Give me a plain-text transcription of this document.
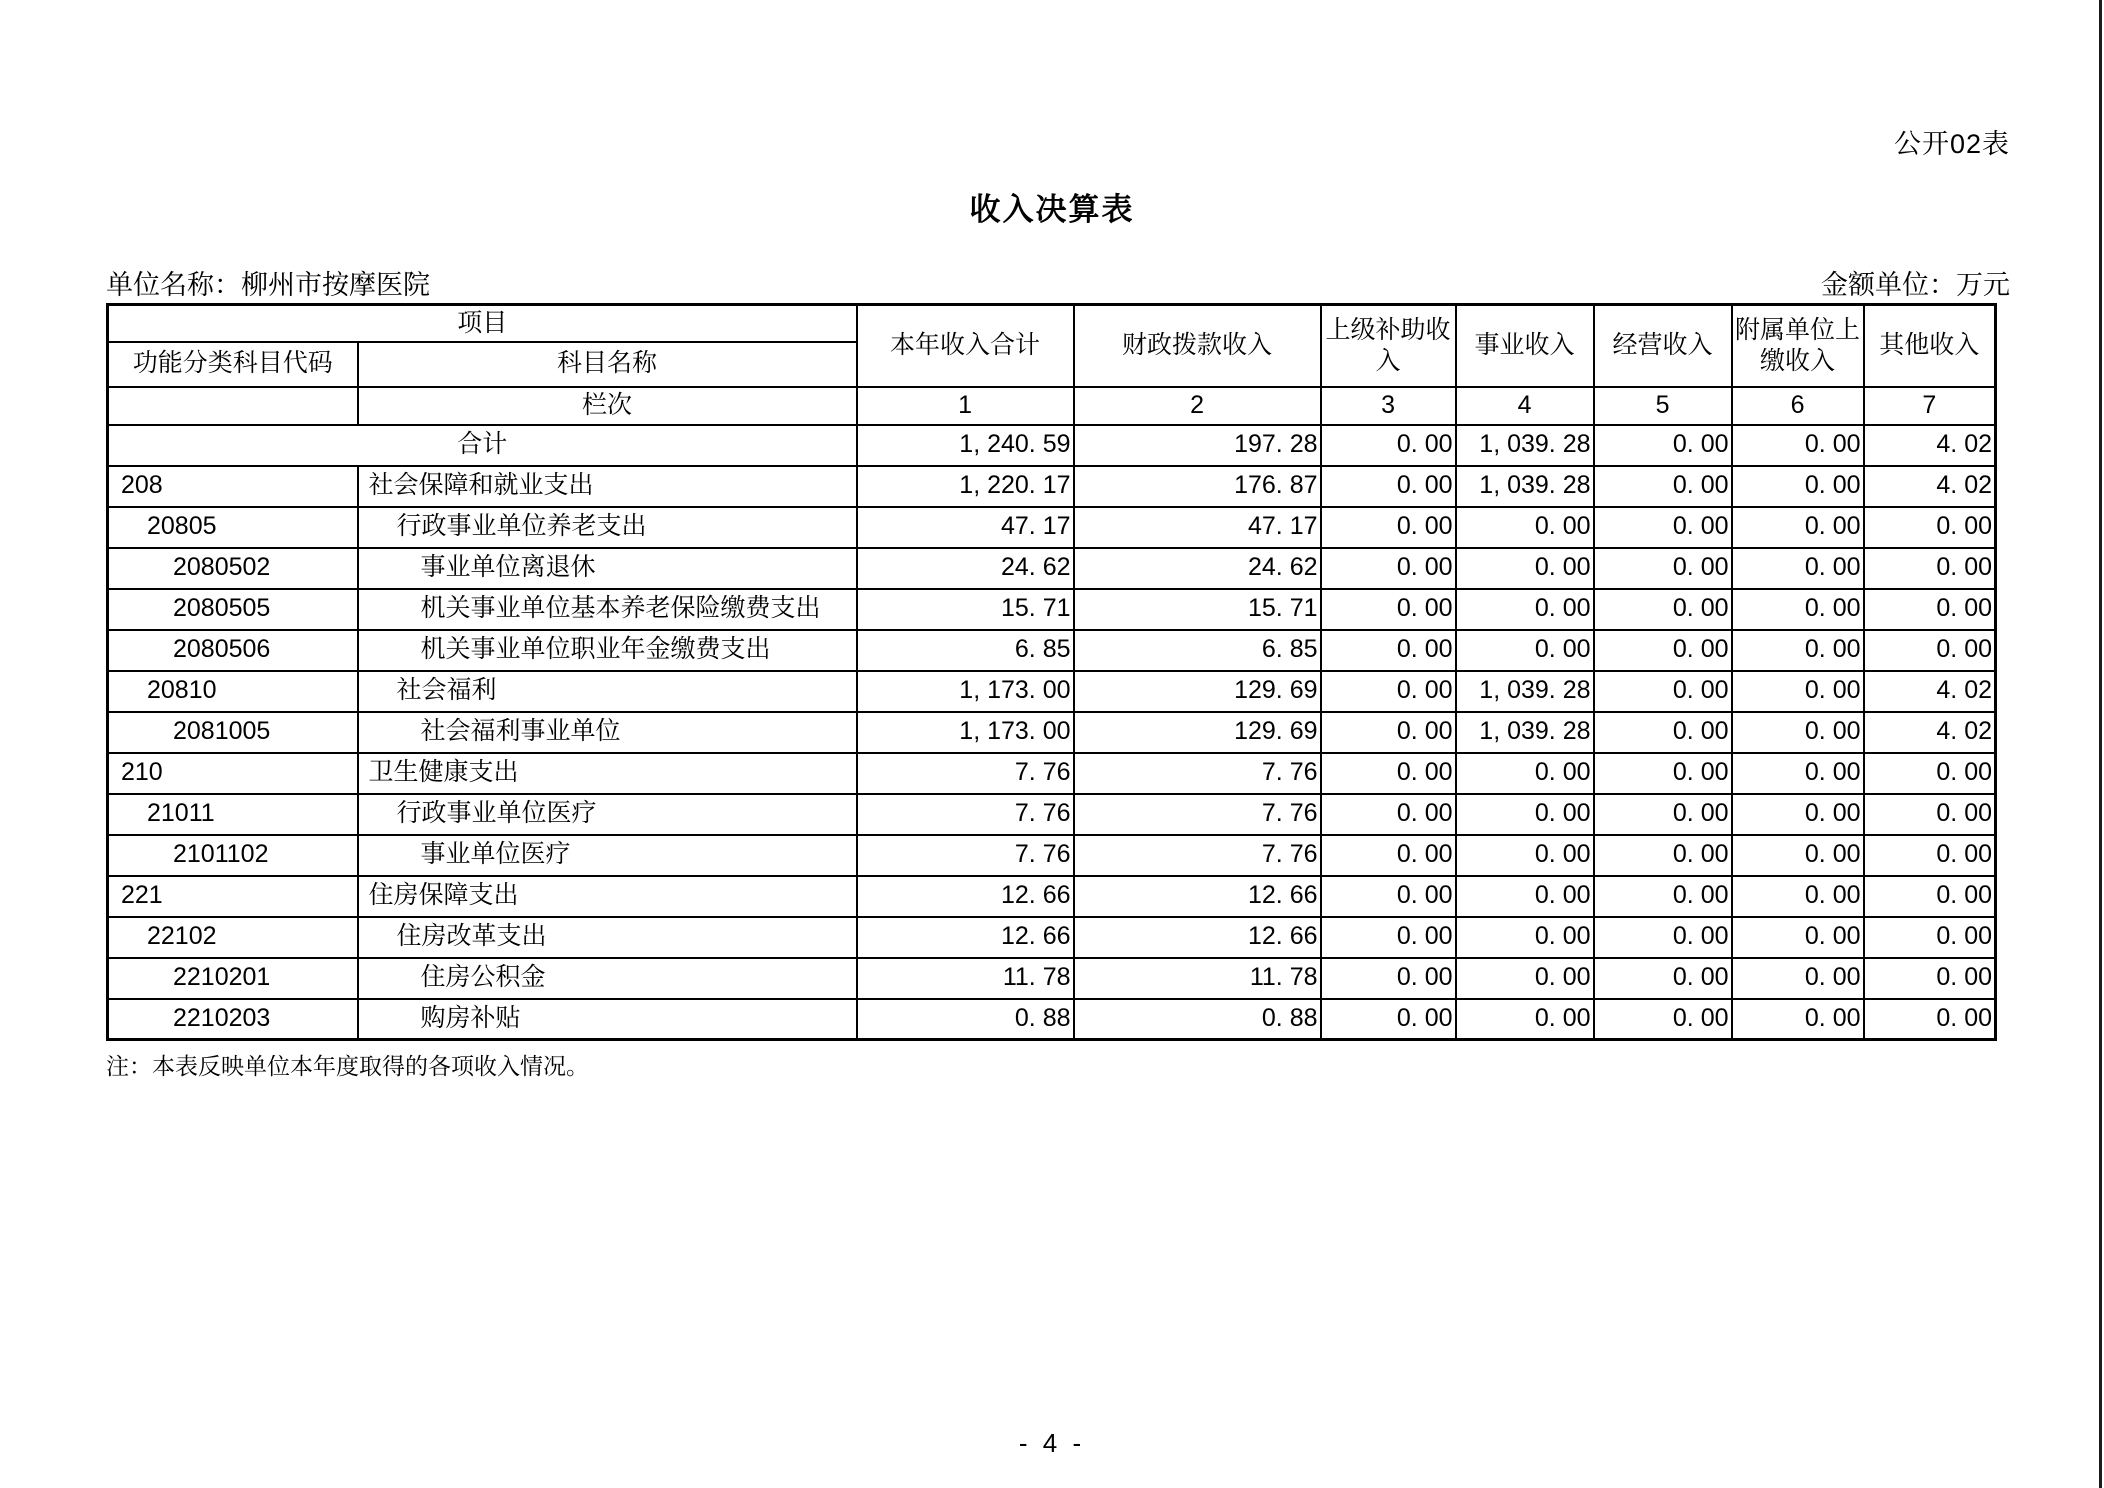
公开02表
收入决算表
单位名称：柳州市按摩医院	金额单位：万元
项目		本年收入合计	财政拨款收入	上级补助收入	事业收入	经营收入	附属单位上缴收入	其他收入
功能分类科目代码	科目名称							
	栏次	1	2	3	4	5	6	7
合计		1, 240. 59	197. 28	0. 00	1, 039. 28	0. 00	0. 00	4. 02
208	社会保障和就业支出	1, 220. 17	176. 87	0. 00	1, 039. 28	0. 00	0. 00	4. 02
20805	行政事业单位养老支出	47. 17	47. 17	0. 00	0. 00	0. 00	0. 00	0. 00
2080502	事业单位离退休	24. 62	24. 62	0. 00	0. 00	0. 00	0. 00	0. 00
2080505	机关事业单位基本养老保险缴费支出	15. 71	15. 71	0. 00	0. 00	0. 00	0. 00	0. 00
2080506	机关事业单位职业年金缴费支出	6. 85	6. 85	0. 00	0. 00	0. 00	0. 00	0. 00
20810	社会福利	1, 173. 00	129. 69	0. 00	1, 039. 28	0. 00	0. 00	4. 02
2081005	社会福利事业单位	1, 173. 00	129. 69	0. 00	1, 039. 28	0. 00	0. 00	4. 02
210	卫生健康支出	7. 76	7. 76	0. 00	0. 00	0. 00	0. 00	0. 00
21011	行政事业单位医疗	7. 76	7. 76	0. 00	0. 00	0. 00	0. 00	0. 00
2101102	事业单位医疗	7. 76	7. 76	0. 00	0. 00	0. 00	0. 00	0. 00
221	住房保障支出	12. 66	12. 66	0. 00	0. 00	0. 00	0. 00	0. 00
22102	住房改革支出	12. 66	12. 66	0. 00	0. 00	0. 00	0. 00	0. 00
2210201	住房公积金	11. 78	11. 78	0. 00	0. 00	0. 00	0. 00	0. 00
2210203	购房补贴	0. 88	0. 88	0. 00	0. 00	0. 00	0. 00	0. 00
注：本表反映单位本年度取得的各项收入情况。
- 4 -
